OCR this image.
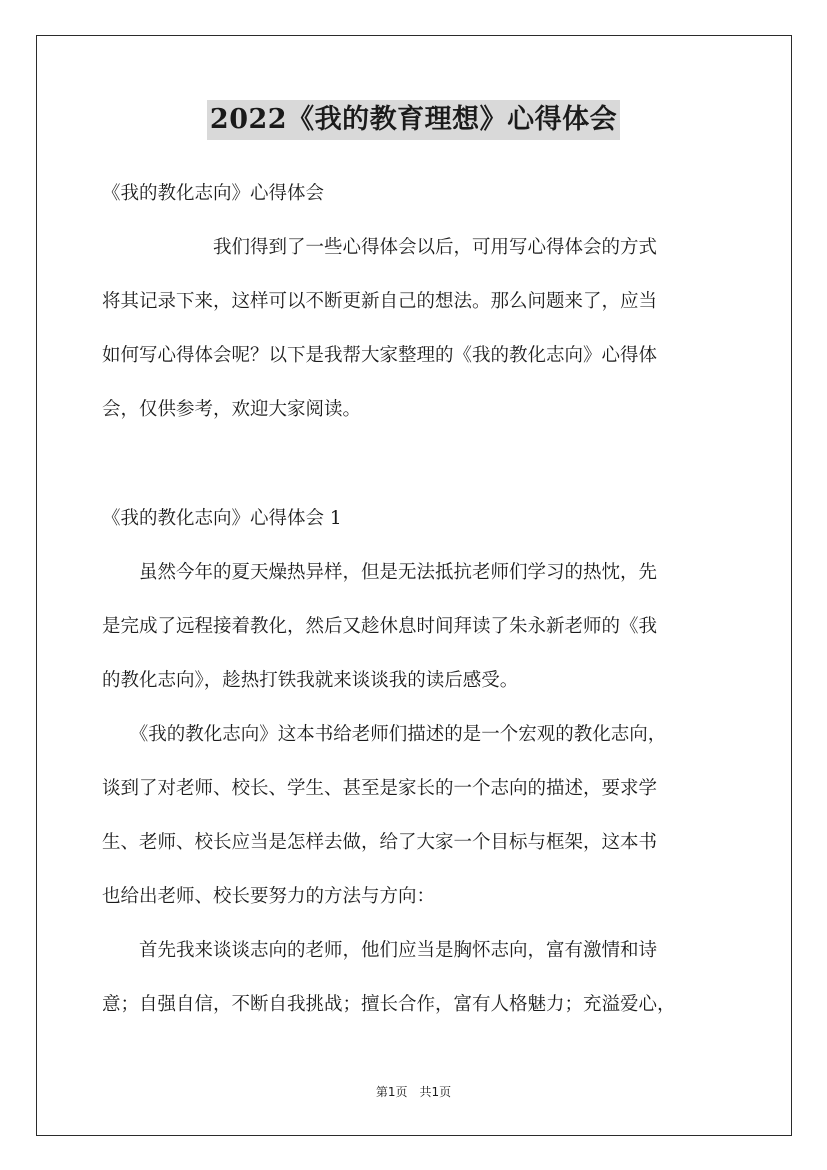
2022《我的教育理想》心得体会
《我的教化志向》心得体会
　　　　　　我们得到了一些心得体会以后，可用写心得体会的方式
将其记录下来，这样可以不断更新自己的想法。那么问题来了，应当
如何写心得体会呢？以下是我帮大家整理的《我的教化志向》心得体
会，仅供参考，欢迎大家阅读。
《我的教化志向》心得体会 1
　　虽然今年的夏天燥热异样，但是无法抵抗老师们学习的热忱，先
是完成了远程接着教化，然后又趁休息时间拜读了朱永新老师的《我
的教化志向》，趁热打铁我就来谈谈我的读后感受。
　　《我的教化志向》这本书给老师们描述的是一个宏观的教化志向，
谈到了对老师、校长、学生、甚至是家长的一个志向的描述，要求学
生、老师、校长应当是怎样去做，给了大家一个目标与框架，这本书
也给出老师、校长要努力的方法与方向：
　　首先我来谈谈志向的老师，他们应当是胸怀志向，富有激情和诗
意；自强自信，不断自我挑战；擅长合作，富有人格魅力；充溢爱心，
第1页　共1页
